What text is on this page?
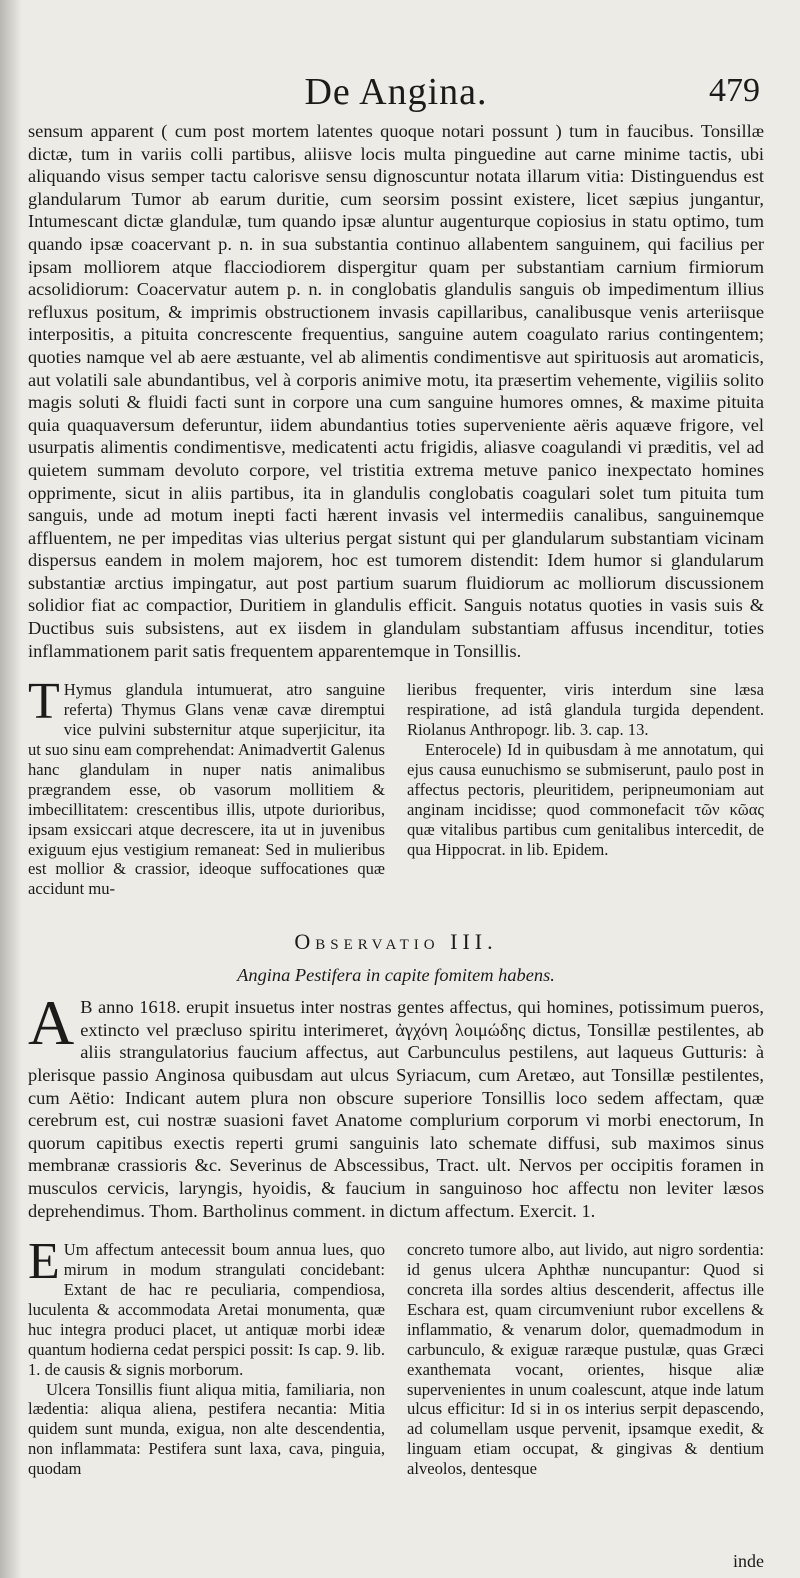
De Angina.	479

sensum apparent ( cum post mortem latentes quoque notari possunt ) tum in faucibus. Tonsillæ dictæ, tum in variis colli partibus, aliisve locis multa pinguedine aut carne minime tactis, ubi aliquando visus semper tactu calorisve sensu dignoscuntur notata illarum vitia: Distinguendus est glandularum Tumor ab earum duritie, cum seorsim possint existere, licet sæpius jungantur, Intumescant dictæ glandulæ, tum quando ipsæ aluntur augenturque copiosius in statu optimo, tum quando ipsæ coacervant p. n. in sua substantia continuo allabentem sanguinem, qui facilius per ipsam molliorem atque flacciodiorem dispergitur quam per substantiam carnium firmiorum acsolidiorum: Coacervatur autem p. n. in conglobatis glandulis sanguis ob impedimentum illius refluxus positum, & imprimis obstructionem invasis capillaribus, canalibusque venis arteriisque interpositis, a pituita concrescente frequentius, sanguine autem coagulato rarius contingentem; quoties namque vel ab aere æstuante, vel ab alimentis condimentisve aut spirituosis aut aromaticis, aut volatili sale abundantibus, vel à corporis animive motu, ita præsertim vehemente, vigiliis solito magis soluti & fluidi facti sunt in corpore una cum sanguine humores omnes, & maxime pituita quia quaquaversum deferuntur, iidem abundantius toties superveniente aëris aquæve frigore, vel usurpatis alimentis condimentisve, medicatenti actu frigidis, aliasve coagulandi vi præditis, vel ad quietem summam devoluto corpore, vel tristitia extrema metuve panico inexpectato homines opprimente, sicut in aliis partibus, ita in glandulis conglobatis coagulari solet tum pituita tum sanguis, unde ad motum inepti facti hærent invasis vel intermediis canalibus, sanguinemque affluentem, ne per impeditas vias ulterius pergat sistunt qui per glandularum substantiam vicinam dispersus eandem in molem majorem, hoc est tumorem distendit: Idem humor si glandularum substantiæ arctius impingatur, aut post partium suarum fluidiorum ac molliorum discussionem solidior fiat ac compactior, Duritiem in glandulis efficit. Sanguis notatus quoties in vasis suis & Ductibus suis subsistens, aut ex iisdem in glandulam substantiam affusus incenditur, toties inflammationem parit satis frequentem apparentemque in Tonsillis.

T Hymus glandula intumuerat, atro sanguine referta) Thymus Glans venæ cavæ diremptui vice pulvini substernitur atque superjicitur, ita ut suo sinu eam comprehendat: Animadvertit Galenus hanc glandulam in nuper natis animalibus prægrandem esse, ob vasorum mollitiem & imbecillitatem: crescentibus illis, utpote durioribus, ipsam exsiccari atque decrescere, ita ut in juvenibus exiguum ejus vestigium remaneat: Sed in mulieribus est mollior & crassior, ideoque suffocationes quæ accidunt mu-

lieribus frequenter, viris interdum sine læsa respiratione, ad istâ glandula turgida dependent. Riolanus Anthropogr. lib. 3. cap. 13.

Enterocele) Id in quibusdam à me annotatum, qui ejus causa eunuchismo se submiserunt, paulo post in affectus pectoris, pleuritidem, peripneumoniam aut anginam incidisse; quod commonefacit τῶν κῶας quæ vitalibus partibus cum genitalibus intercedit, de qua Hippocrat. in lib. Epidem.

Observatio III.
Angina Pestifera in capite fomitem habens.

A B anno 1618. erupit insuetus inter nostras gentes affectus, qui homines, potissimum pueros, extincto vel præcluso spiritu interimeret, ἀγχόνη λοιμώδης dictus, Tonsillæ pestilentes, ab aliis strangulatorius faucium affectus, aut Carbunculus pestilens, aut laqueus Gutturis: à plerisque passio Anginosa quibusdam aut ulcus Syriacum, cum Aretæo, aut Tonsillæ pestilentes, cum Aëtio: Indicant autem plura non obscure superiore Tonsillis loco sedem affectam, quæ cerebrum est, cui nostræ suasioni favet Anatome complurium corporum vi morbi enectorum, In quorum capitibus exectis reperti grumi sanguinis lato schemate diffusi, sub maximos sinus membranæ crassioris &c. Severinus de Abscessibus, Tract. ult. Nervos per occipitis foramen in musculos cervicis, laryngis, hyoidis, & faucium in sanguinoso hoc affectu non leviter læsos deprehendimus. Thom. Bartholinus comment. in dictum affectum. Exercit. 1.

E Um affectum antecessit boum annua lues, quo mirum in modum strangulati concidebant: Extant de hac re peculiaria, compendiosa, luculenta & accommodata Aretai monumenta, quæ huc integra produci placet, ut antiquæ morbi ideæ quantum hodierna cedat perspici possit: Is cap. 9. lib. 1. de causis & signis morborum.

Ulcera Tonsillis fiunt aliqua mitia, familiaria, non lædentia: aliqua aliena, pestifera necantia: Mitia quidem sunt munda, exigua, non alte descendentia, non inflammata: Pestifera sunt laxa, cava, pinguia, quodam

concreto tumore albo, aut livido, aut nigro sordentia: id genus ulcera Aphthæ nuncupantur: Quod si concreta illa sordes altius descenderit, affectus ille Eschara est, quam circumveniunt rubor excellens & inflammatio, & venarum dolor, quemadmodum in carbunculo, & exiguæ raræque pustulæ, quas Græci exanthemata vocant, orientes, hisque aliæ supervenientes in unum coalescunt, atque inde latum ulcus efficitur: Id si in os interius serpit depascendo, ad columellam usque pervenit, ipsamque exedit, & linguam etiam occupat, & gingivas & dentium alveolos, dentesque

inde
